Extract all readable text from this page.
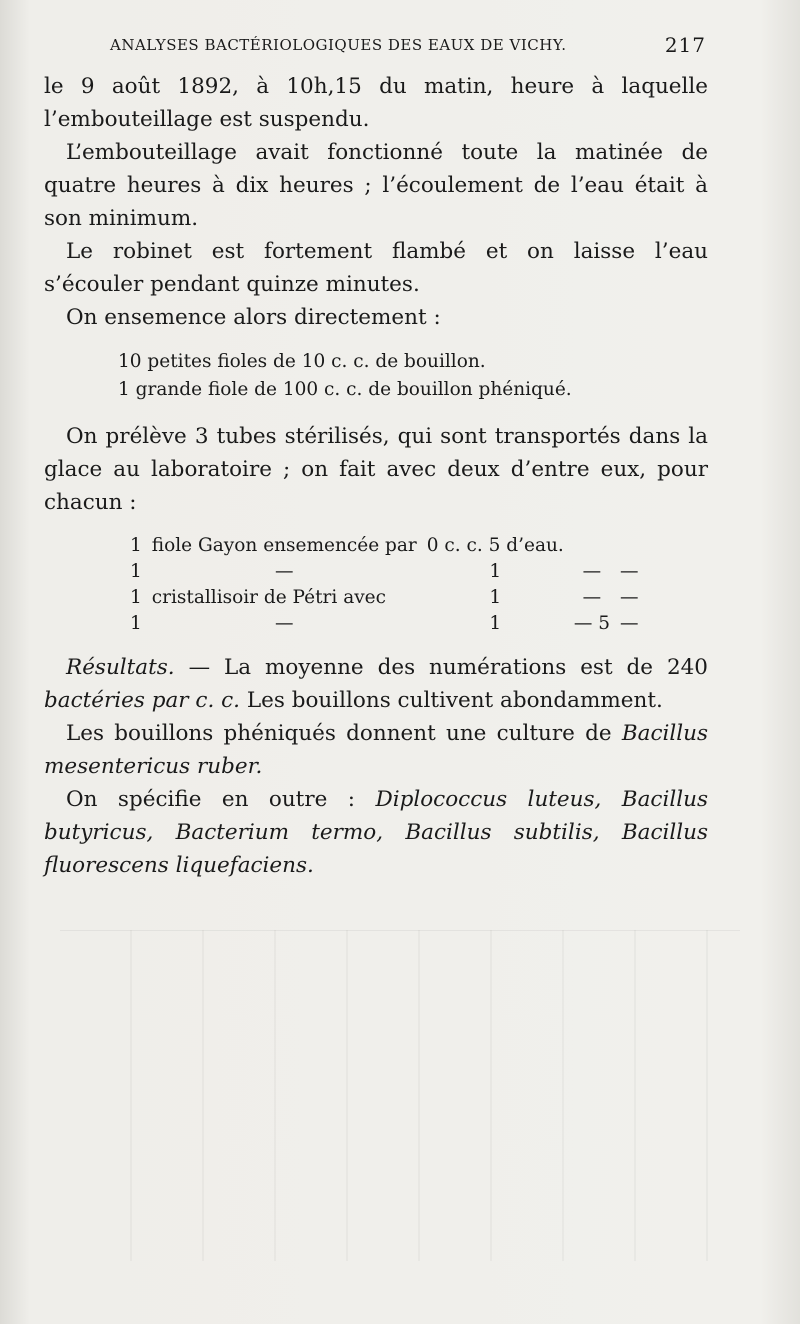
ANALYSES BACTÉRIOLOGIQUES DES EAUX DE VICHY.	217

le 9 août 1892, à 10h,15 du matin, heure à laquelle l’embouteillage est suspendu.

L’embouteillage avait fonctionné toute la matinée de quatre heures à dix heures ; l’écoulement de l’eau était à son minimum.

Le robinet est fortement flambé et on laisse l’eau s’écouler pendant quinze minutes.

On ensemence alors directement :

10 petites fioles de 10 c. c. de bouillon.
1 grande fiole de 100 c. c. de bouillon phéniqué.

On prélève 3 tubes stérilisés, qui sont transportés dans la glace au laboratoire ; on fait avec deux d’entre eux, pour chacun :

1	fiole Gayon ensemencée par	0 c. c. 5 d’eau.		
1	—	1	—	—
1	cristallisoir de Pétri avec	1	—	—
1	—	1	— 5	—

Résultats. — La moyenne des numérations est de 240 bactéries par c. c. Les bouillons cultivent abondamment.

Les bouillons phéniqués donnent une culture de Bacillus mesentericus ruber.

On spécifie en outre : Diplococcus luteus, Bacillus butyricus, Bacterium termo, Bacillus subtilis, Bacillus fluorescens liquefaciens.
